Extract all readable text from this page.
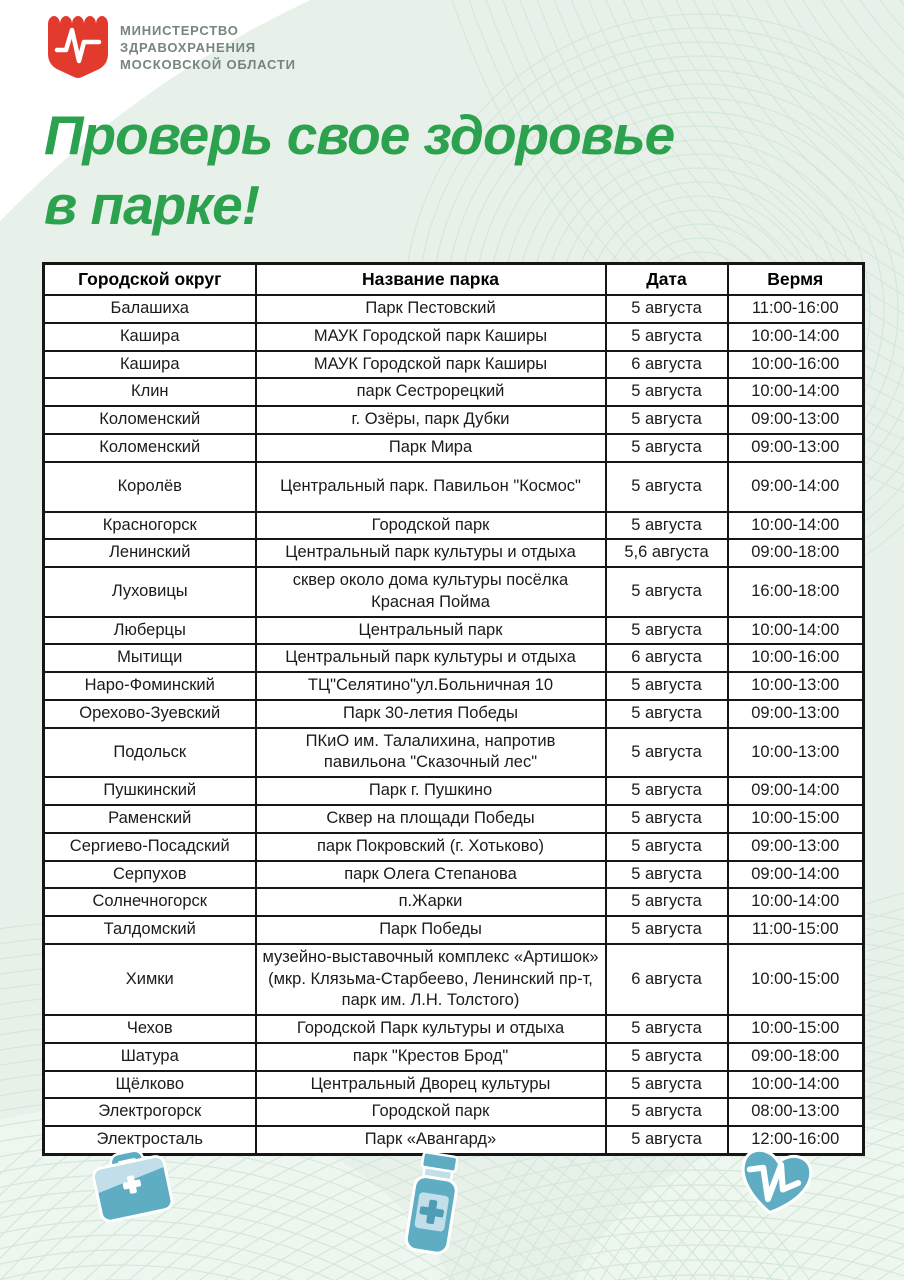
МИНИСТЕРСТВО
ЗДРАВОХРАНЕНИЯ
МОСКОВСКОЙ ОБЛАСТИ
Проверь свое здоровье
в парке!
Городской округ	Название парка	Дата	Вермя
Балашиха	Парк Пестовский	5 августа	11:00-16:00
Кашира	МАУК Городской парк Каширы	5 августа	10:00-14:00
Кашира	МАУК Городской парк Каширы	6 августа	10:00-16:00
Клин	парк Сестрорецкий	5 августа	10:00-14:00
Коломенский	г. Озёры, парк Дубки	5 августа	09:00-13:00
Коломенский	Парк Мира	5 августа	09:00-13:00
Королёв	Центральный парк. Павильон "Космос"	5 августа	09:00-14:00
Красногорск	Городской парк	5 августа	10:00-14:00
Ленинский	Центральный парк культуры и отдыха	5,6 августа	09:00-18:00
Луховицы	сквер около дома культуры посёлка Красная Пойма	5 августа	16:00-18:00
Люберцы	Центральный парк	5 августа	10:00-14:00
Мытищи	Центральный парк культуры и отдыха	6 августа	10:00-16:00
Наро-Фоминский	ТЦ"Селятино"ул.Больничная 10	5 августа	10:00-13:00
Орехово-Зуевский	Парк 30-летия Победы	5 августа	09:00-13:00
Подольск	ПКиО им. Талалихина, напротив павильона "Сказочный лес"	5 августа	10:00-13:00
Пушкинский	Парк г. Пушкино	5 августа	09:00-14:00
Раменский	Сквер на площади Победы	5 августа	10:00-15:00
Сергиево-Посадский	парк Покровский (г. Хотьково)	5 августа	09:00-13:00
Серпухов	парк Олега Степанова	5 августа	09:00-14:00
Солнечногорск	п.Жарки	5 августа	10:00-14:00
Талдомский	Парк Победы	5 августа	11:00-15:00
Химки	музейно-выставочный комплекс «Артишок» (мкр. Клязьма-Старбеево, Ленинский пр-т, парк им. Л.Н. Толстого)	6 августа	10:00-15:00
Чехов	Городской Парк культуры и отдыха	5 августа	10:00-15:00
Шатура	парк "Крестов Брод"	5 августа	09:00-18:00
Щёлково	Центральный Дворец культуры	5 августа	10:00-14:00
Электрогорск	Городской парк	5 августа	08:00-13:00
Электросталь	Парк «Авангард»	5 августа	12:00-16:00
